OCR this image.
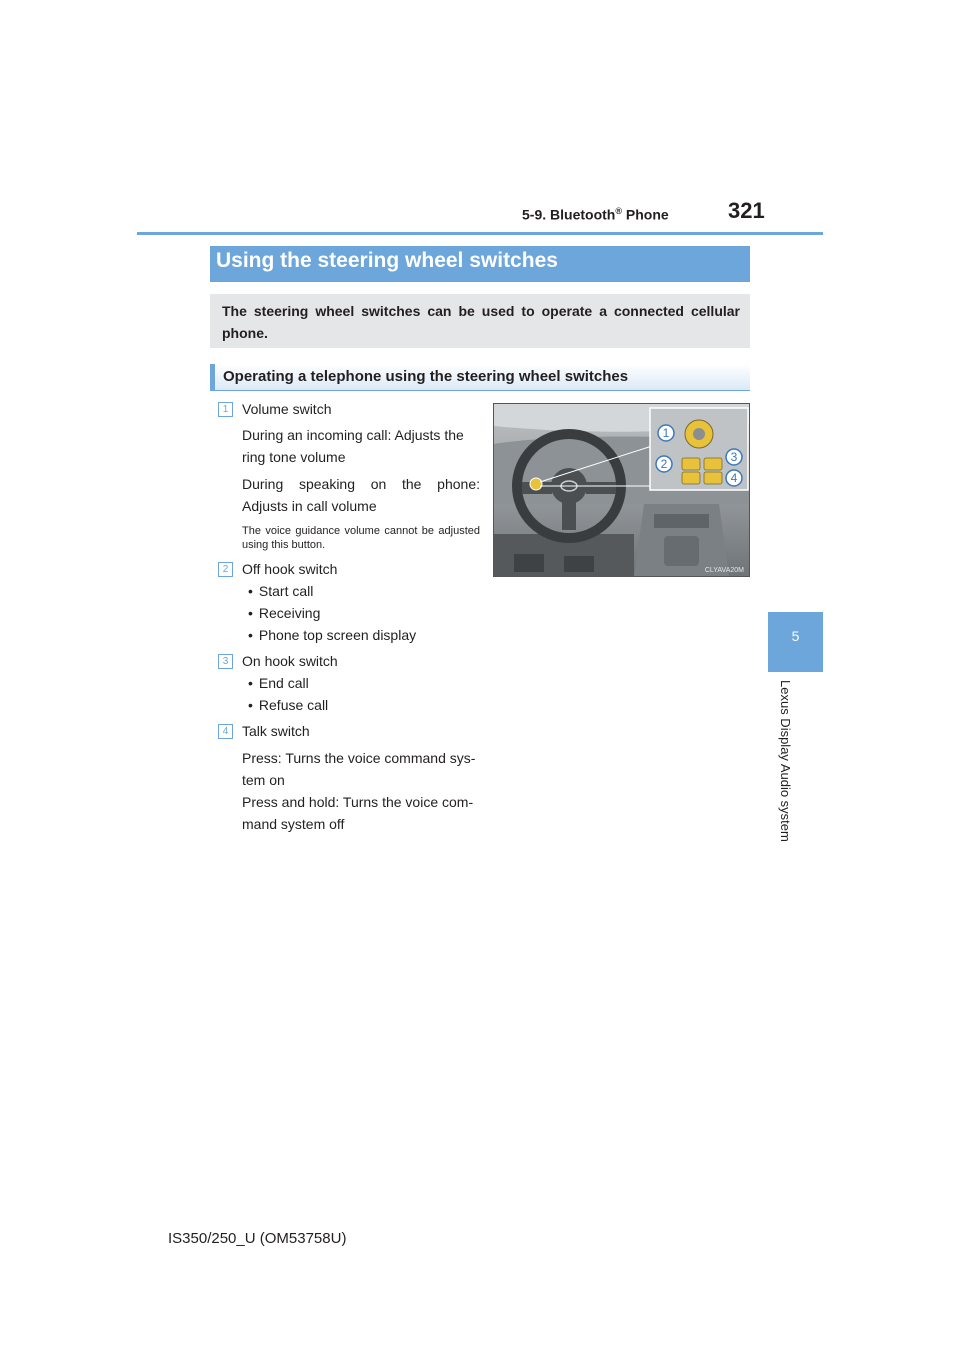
5-9. Bluetooth® Phone	321
5
Lexus Display Audio system
Using the steering wheel switches

The steering wheel switches can be used to operate a connected cellular phone.

Operating a telephone using the steering wheel switches
1 Volume switch
During an incoming call: Adjusts the ring tone volume
During speaking on the phone: Adjusts in call volume
The voice guidance volume cannot be adjusted using this button.
2 Off hook switch
• Start call
• Receiving
• Phone top screen display
3 On hook switch
• End call
• Refuse call
4 Talk switch
Press: Turns the voice command sys-tem on
Press and hold: Turns the voice com-mand system off
1
2	3
4
CLYAVA20M
IS350/250_U (OM53758U)
